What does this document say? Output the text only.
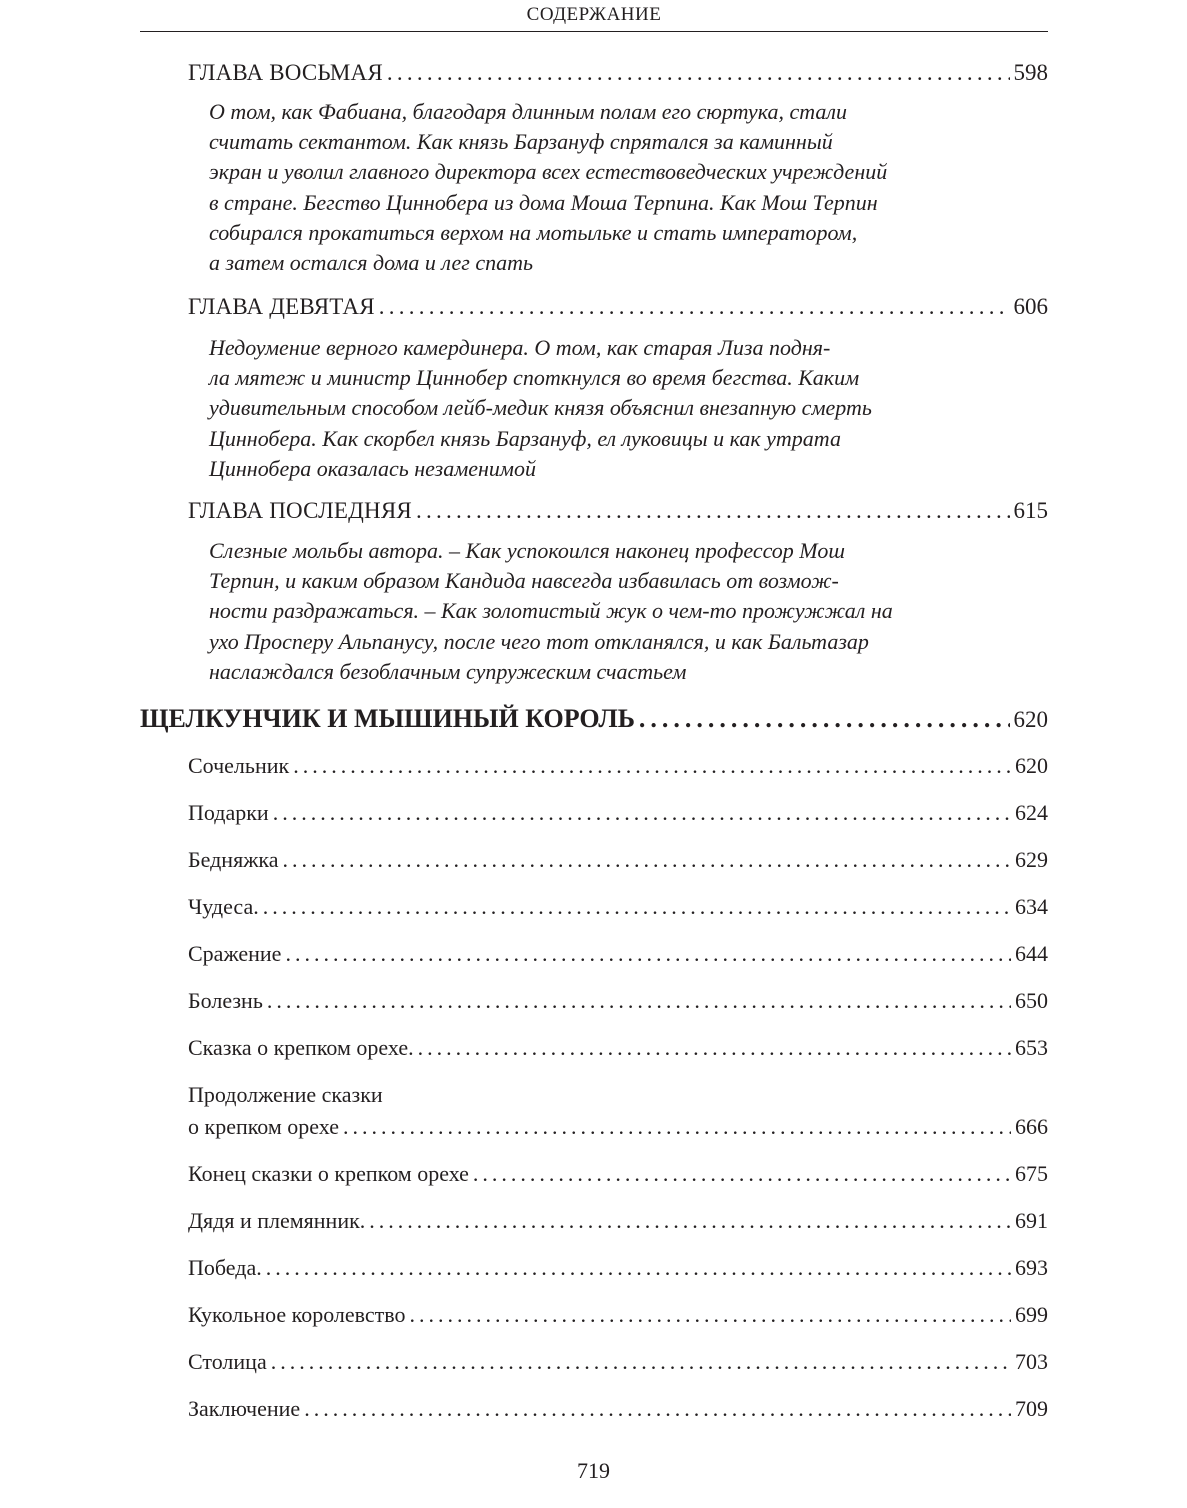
СОДЕРЖАНИЕ
ГЛАВА ВОСЬМАЯ . . .	598
О том, как Фабиана, благодаря длинным полам его сюртука, стали
считать сектантом. Как князь Барзануф спрятался за каминный
экран и уволил главного директора всех естествоведческих учреждений
в стране. Бегство Циннобера из дома Моша Терпина. Как Мош Терпин
собирался прокатиться верхом на мотыльке и стать императором,
а затем остался дома и лег спать
ГЛАВА ДЕВЯТАЯ . . .	606
Недоумение верного камердинера. О том, как старая Лиза подня-
ла мятеж и министр Циннобер споткнулся во время бегства. Каким
удивительным способом лейб-медик князя объяснил внезапную смерть
Циннобера. Как скорбел князь Барзануф, ел луковицы и как утрата
Циннобера оказалась незаменимой
ГЛАВА ПОСЛЕДНЯЯ . . .	615
Слезные мольбы автора. – Как успокоился наконец профессор Мош
Терпин, и каким образом Кандида навсегда избавилась от возмож-
ности раздражаться. – Как золотистый жук о чем-то прожужжал на
ухо Просперу Альпанусу, после чего тот откланялся, и как Бальтазар
наслаждался безоблачным супружеским счастьем
ЩЕЛКУНЧИК И МЫШИНЫЙ КОРОЛЬ . . .	620
Сочельник . . .	620
Подарки . . .	624
Бедняжка . . .	629
Чудеса. . . .	634
Сражение . . .	644
Болезнь . . .	650
Сказка о крепком орехе. . . .	653
Продолжение сказки
о крепком орехе . . .	666
Конец сказки о крепком орехе . . .	675
Дядя и племянник. . . .	691
Победа. . . .	693
Кукольное королевство . . .	699
Столица . . .	703
Заключение . . .	709
719
